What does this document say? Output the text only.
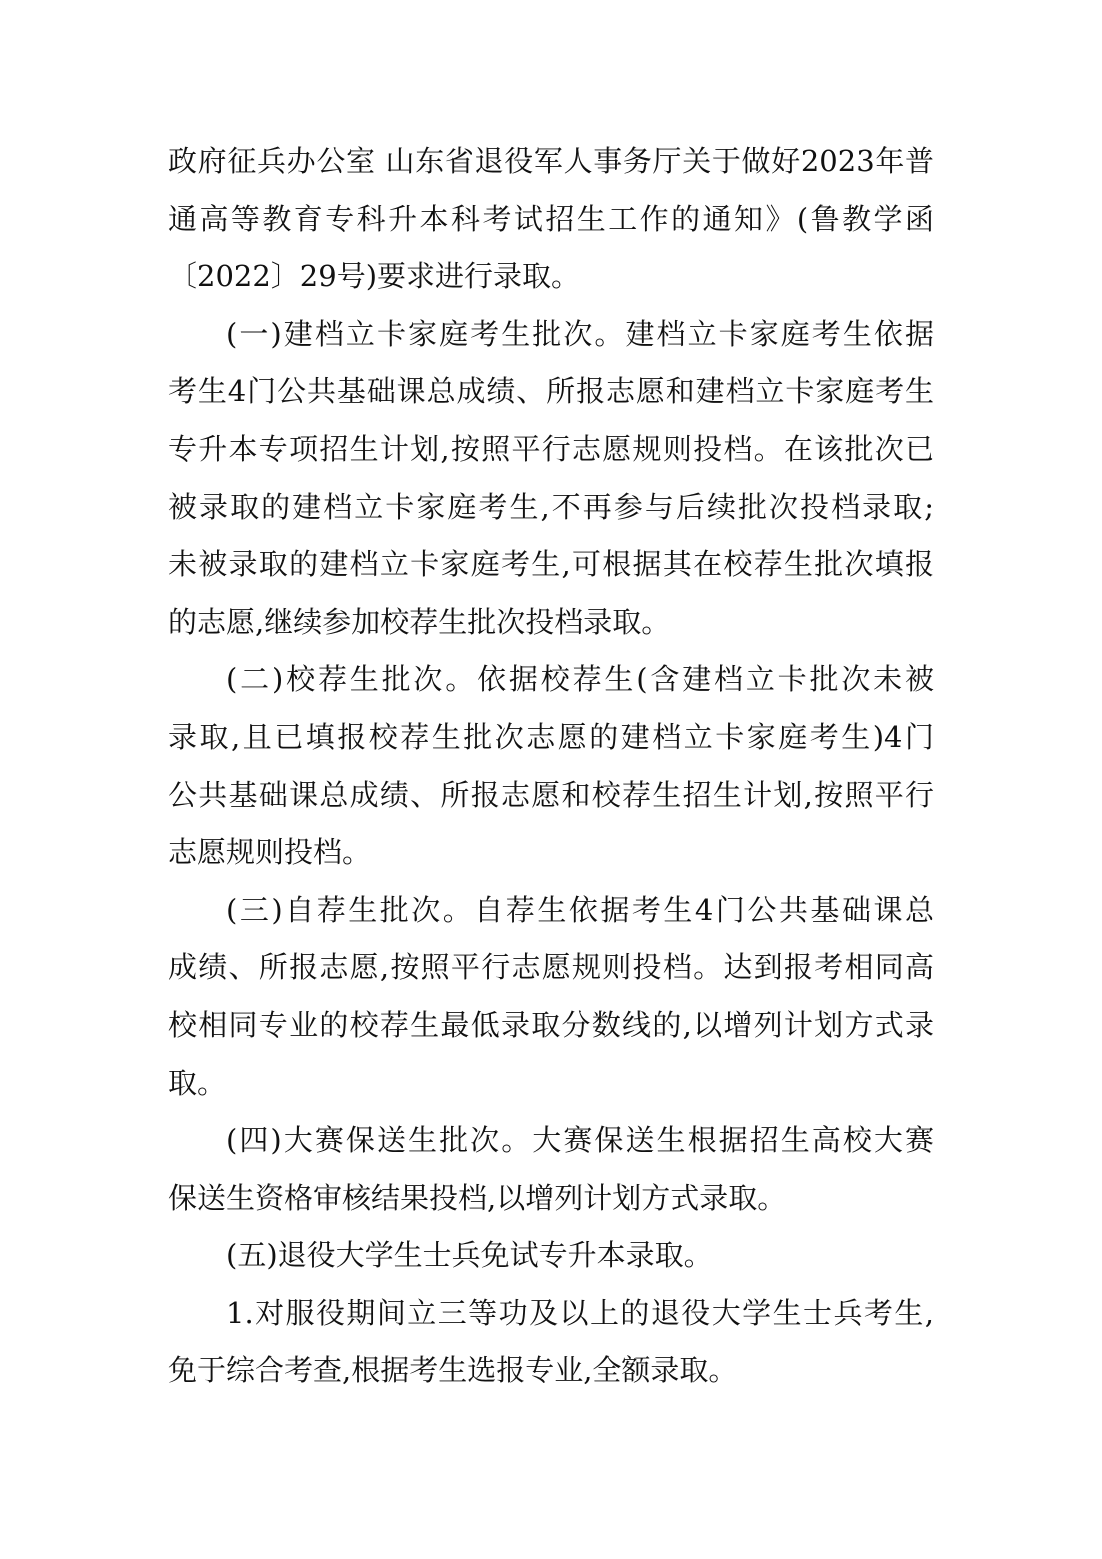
政府征兵办公室 山东省退役军人事务厅关于做好2023年普
通高等教育专科升本科考试招生工作的通知》(鲁教学函
〔2022〕29号)要求进行录取。
(一)建档立卡家庭考生批次。建档立卡家庭考生依据
考生4门公共基础课总成绩、所报志愿和建档立卡家庭考生
专升本专项招生计划,按照平行志愿规则投档。在该批次已
被录取的建档立卡家庭考生,不再参与后续批次投档录取;
未被录取的建档立卡家庭考生,可根据其在校荐生批次填报
的志愿,继续参加校荐生批次投档录取。
(二)校荐生批次。依据校荐生(含建档立卡批次未被
录取,且已填报校荐生批次志愿的建档立卡家庭考生)4门
公共基础课总成绩、所报志愿和校荐生招生计划,按照平行
志愿规则投档。
(三)自荐生批次。自荐生依据考生4门公共基础课总
成绩、所报志愿,按照平行志愿规则投档。达到报考相同高
校相同专业的校荐生最低录取分数线的,以增列计划方式录
取。
(四)大赛保送生批次。大赛保送生根据招生高校大赛
保送生资格审核结果投档,以增列计划方式录取。
(五)退役大学生士兵免试专升本录取。
1.对服役期间立三等功及以上的退役大学生士兵考生,
免于综合考查,根据考生选报专业,全额录取。
